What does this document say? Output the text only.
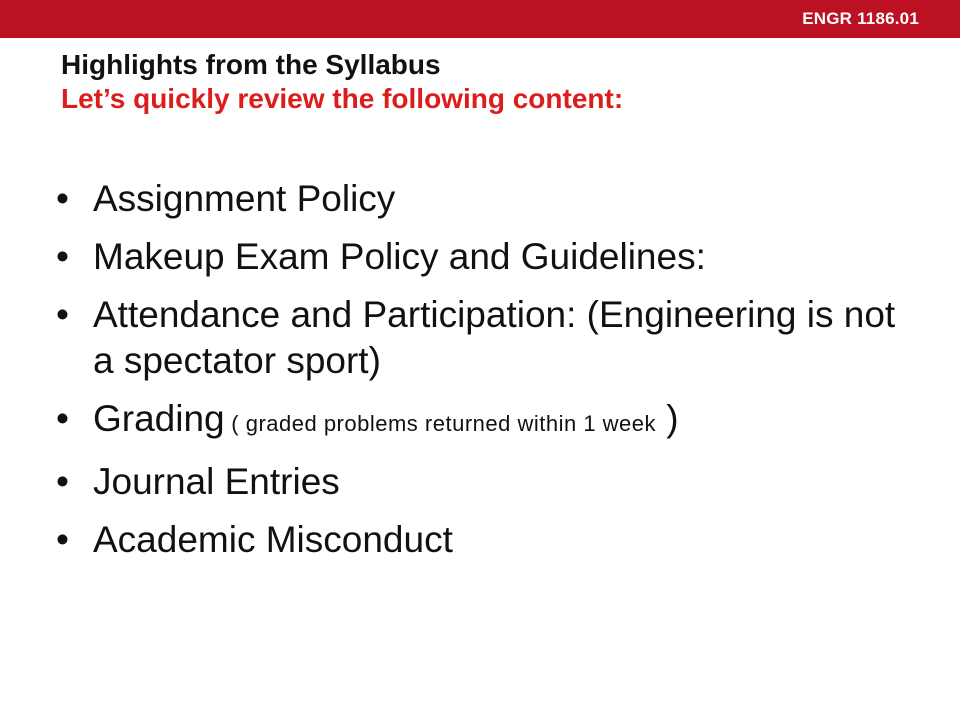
ENGR 1186.01
Highlights from the Syllabus
Let’s quickly review the following content:
• Assignment Policy
• Makeup Exam Policy and Guidelines:
• Attendance and Participation: (Engineering is not a spectator sport)
• Grading ( graded problems returned within 1 week )
• Journal Entries
• Academic Misconduct
